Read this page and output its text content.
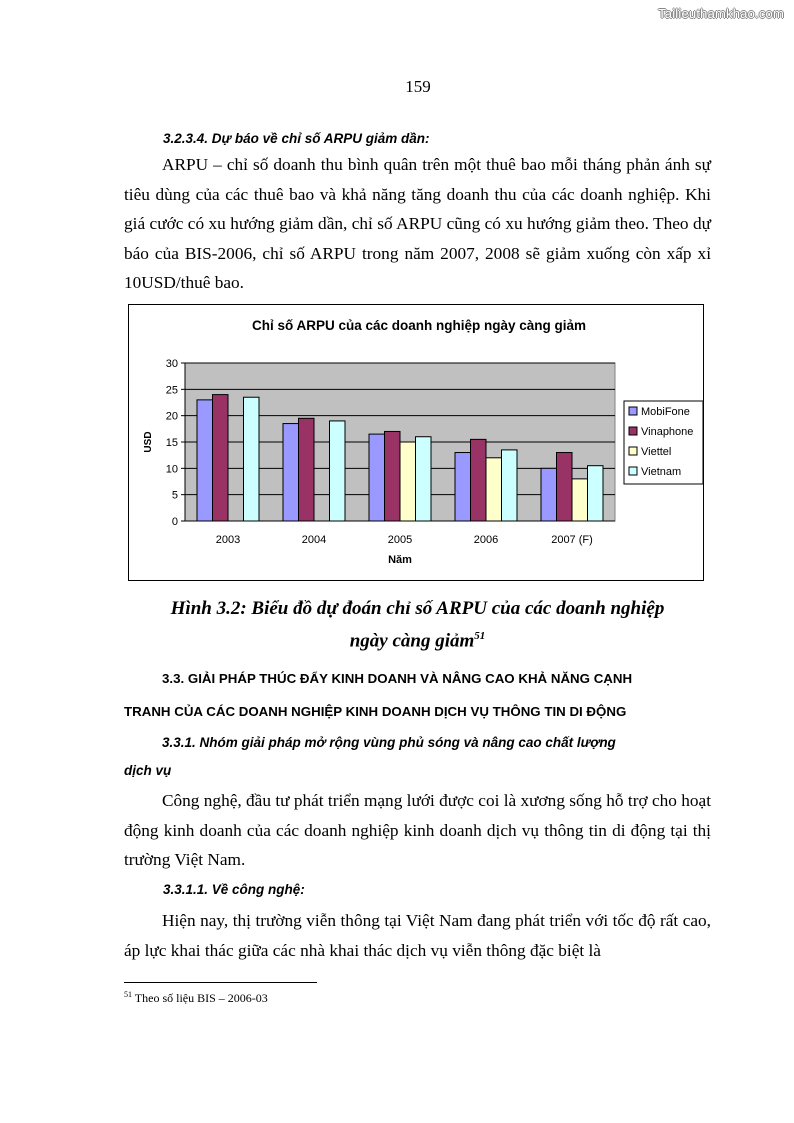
Tailieuthamkhao.com
159
3.2.3.4. Dự báo về chỉ số ARPU giảm dần:
ARPU – chỉ số doanh thu bình quân trên một thuê bao mỗi tháng phản ánh sự tiêu dùng của các thuê bao và khả năng tăng doanh thu của các doanh nghiệp. Khi giá cước có xu hướng giảm dần, chỉ số ARPU cũng có xu hướng giảm theo. Theo dự báo của BIS-2006, chỉ số ARPU trong năm 2007, 2008 sẽ giảm xuống còn xấp xỉ 10USD/thuê bao.
Chỉ số ARPU của các doanh nghiệp ngày càng giảm
0
5
10
15
20
25
30
2003	2004	2005	2006	2007 (F)
USD
Năm
MobiFone
Vinaphone
Viettel
Vietnam
Hình 3.2: Biểu đồ dự đoán chỉ số ARPU của các doanh nghiệp
ngày càng giảm$^{51}$
3.3. GIẢI PHÁP THÚC ĐẨY KINH DOANH VÀ NÂNG CAO KHẢ NĂNG CẠNH
TRANH CỦA CÁC DOANH NGHIỆP KINH DOANH DỊCH VỤ THÔNG TIN DI ĐỘNG
3.3.1. Nhóm giải pháp mở rộng vùng phủ sóng và nâng cao chất lượng
dịch vụ
Công nghệ, đầu tư phát triển mạng lưới được coi là xương sống hỗ trợ cho hoạt động kinh doanh của các doanh nghiệp kinh doanh dịch vụ thông tin di động tại thị trường Việt Nam.
3.3.1.1. Về công nghệ:
Hiện nay, thị trường viễn thông tại Việt Nam đang phát triển với tốc độ rất cao, áp lực khai thác giữa các nhà khai thác dịch vụ viễn thông đặc biệt là
$^{51}$ Theo số liệu BIS – 2006-03
